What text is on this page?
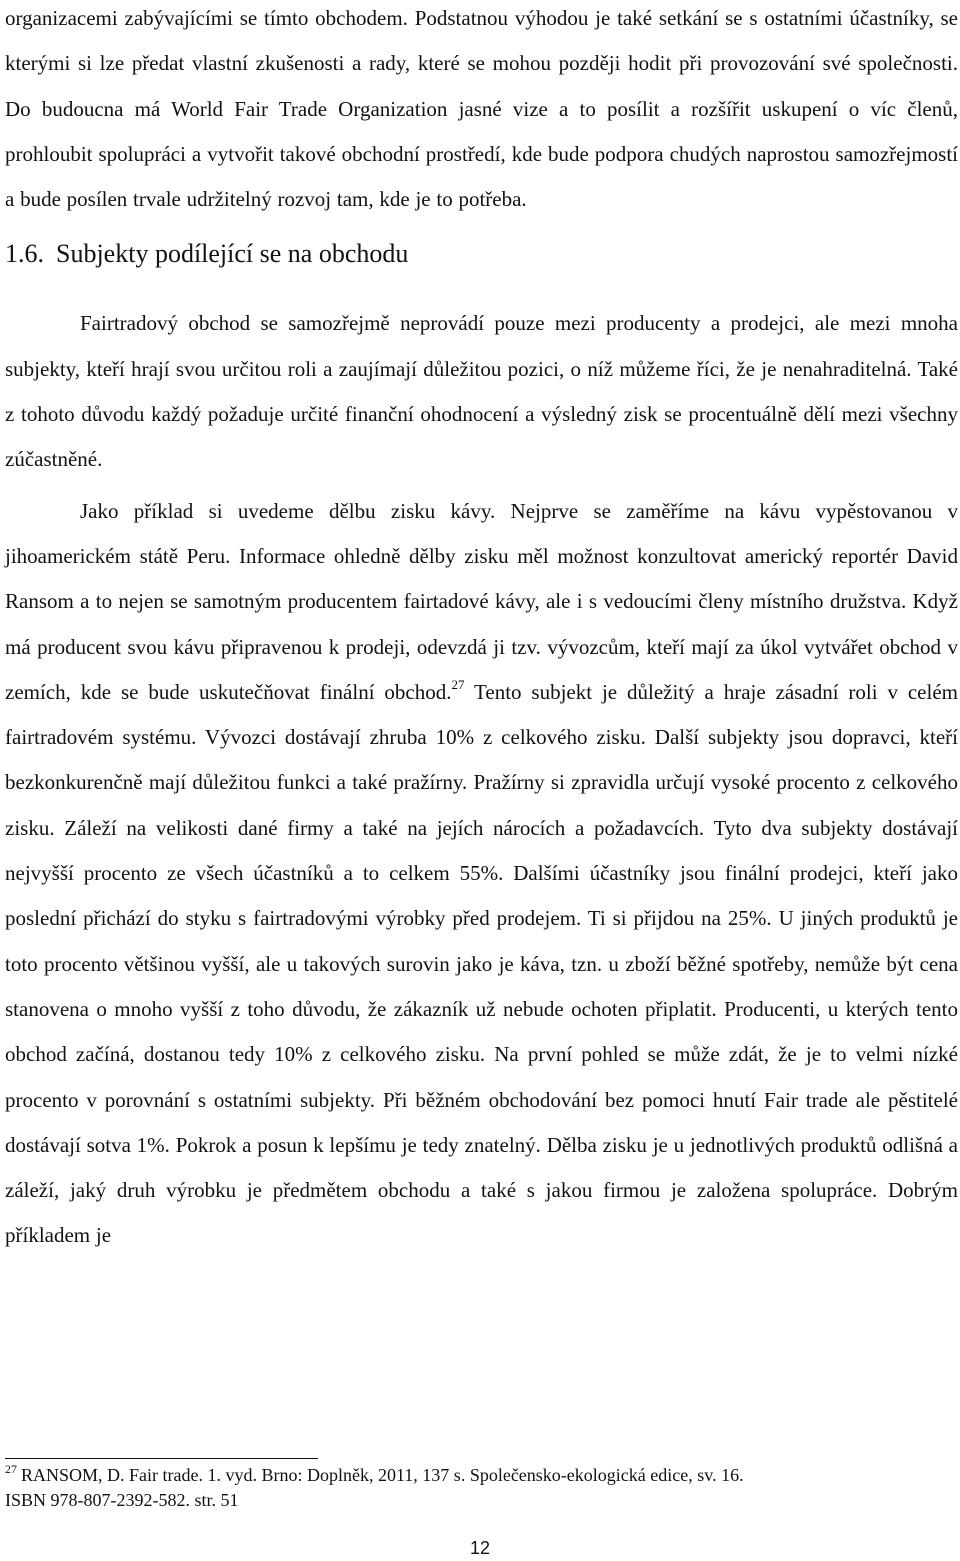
organizacemi zabývajícími se tímto obchodem. Podstatnou výhodou je také setkání se s ostatními účastníky, se kterými si lze předat vlastní zkušenosti a rady, které se mohou později hodit při provozování své společnosti. Do budoucna má World Fair Trade Organization jasné vize a to posílit a rozšířit uskupení o víc členů, prohloubit spolupráci a vytvořit takové obchodní prostředí, kde bude podpora chudých naprostou samozřejmostí a bude posílen trvale udržitelný rozvoj tam, kde je to potřeba.

1.6. Subjekty podílející se na obchodu

Fairtradový obchod se samozřejmě neprovádí pouze mezi producenty a prodejci, ale mezi mnoha subjekty, kteří hrají svou určitou roli a zaujímají důležitou pozici, o níž můžeme říci, že je nenahraditelná. Také z tohoto důvodu každý požaduje určité finanční ohodnocení a výsledný zisk se procentuálně dělí mezi všechny zúčastněné.

Jako příklad si uvedeme dělbu zisku kávy. Nejprve se zaměříme na kávu vypěstovanou v jihoamerickém státě Peru. Informace ohledně dělby zisku měl možnost konzultovat americký reportér David Ransom a to nejen se samotným producentem fairtadové kávy, ale i s vedoucími členy místního družstva. Když má producent svou kávu připravenou k prodeji, odevzdá ji tzv. vývozcům, kteří mají za úkol vytvářet obchod v zemích, kde se bude uskutečňovat finální obchod.$^{27}$ Tento subjekt je důležitý a hraje zásadní roli v celém fairtradovém systému. Vývozci dostávají zhruba 10% z celkového zisku. Další subjekty jsou dopravci, kteří bezkonkurenčně mají důležitou funkci a také pražírny. Pražírny si zpravidla určují vysoké procento z celkového zisku. Záleží na velikosti dané firmy a také na jejích nárocích a požadavcích. Tyto dva subjekty dostávají nejvyšší procento ze všech účastníků a to celkem 55%. Dalšími účastníky jsou finální prodejci, kteří jako poslední přichází do styku s fairtradovými výrobky před prodejem. Ti si přijdou na 25%. U jiných produktů je toto procento většinou vyšší, ale u takových surovin jako je káva, tzn. u zboží běžné spotřeby, nemůže být cena stanovena o mnoho vyšší z toho důvodu, že zákazník už nebude ochoten připlatit. Producenti, u kterých tento obchod začíná, dostanou tedy 10% z celkového zisku. Na první pohled se může zdát, že je to velmi nízké procento v porovnání s ostatními subjekty. Při běžném obchodování bez pomoci hnutí Fair trade ale pěstitelé dostávají sotva 1%. Pokrok a posun k lepšímu je tedy znatelný. Dělba zisku je u jednotlivých produktů odlišná a záleží, jaký druh výrobku je předmětem obchodu a také s jakou firmou je založena spolupráce. Dobrým příkladem je

$^{27}$ RANSOM, D. Fair trade. 1. vyd. Brno: Doplněk, 2011, 137 s. Společensko-ekologická edice, sv. 16.
ISBN 978-807-2392-582. str. 51

12
